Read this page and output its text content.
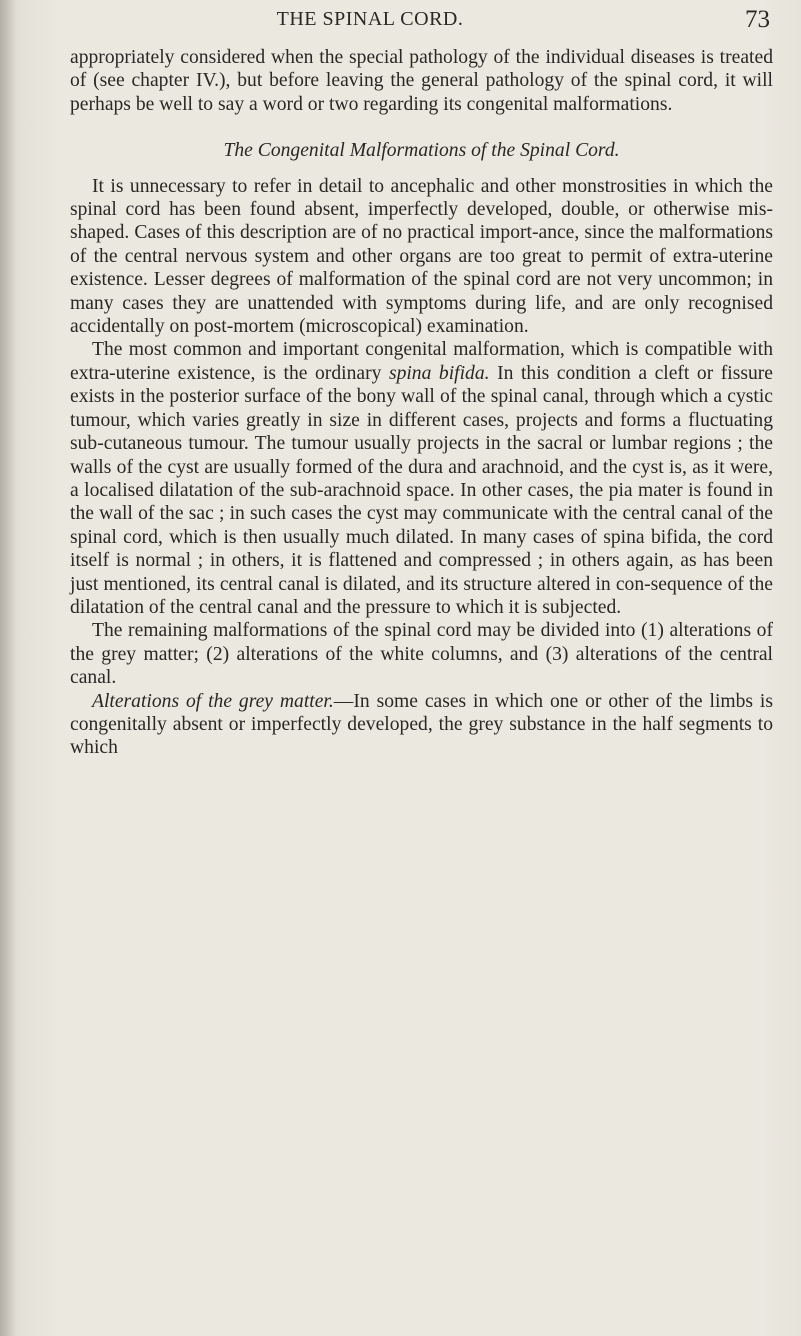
THE SPINAL CORD.	73

appropriately considered when the special pathology of the individual diseases is treated of (see chapter IV.), but before leaving the general pathology of the spinal cord, it will perhaps be well to say a word or two regarding its congenital malformations.

The Congenital Malformations of the Spinal Cord.

It is unnecessary to refer in detail to ancephalic and other monstrosities in which the spinal cord has been found absent, imperfectly developed, double, or otherwise mis-shaped. Cases of this description are of no practical import-ance, since the malformations of the central nervous system and other organs are too great to permit of extra-uterine existence. Lesser degrees of malformation of the spinal cord are not very uncommon; in many cases they are unattended with symptoms during life, and are only recognised accidentally on post-mortem (microscopical) examination.

The most common and important congenital malformation, which is compatible with extra-uterine existence, is the ordinary spina bifida. In this condition a cleft or fissure exists in the posterior surface of the bony wall of the spinal canal, through which a cystic tumour, which varies greatly in size in different cases, projects and forms a fluctuating sub-cutaneous tumour. The tumour usually projects in the sacral or lumbar regions ; the walls of the cyst are usually formed of the dura and arachnoid, and the cyst is, as it were, a localised dilatation of the sub-arachnoid space. In other cases, the pia mater is found in the wall of the sac ; in such cases the cyst may communicate with the central canal of the spinal cord, which is then usually much dilated. In many cases of spina bifida, the cord itself is normal ; in others, it is flattened and compressed ; in others again, as has been just mentioned, its central canal is dilated, and its structure altered in con-sequence of the dilatation of the central canal and the pressure to which it is subjected.

The remaining malformations of the spinal cord may be divided into (1) alterations of the grey matter; (2) alterations of the white columns, and (3) alterations of the central canal.

Alterations of the grey matter.—In some cases in which one or other of the limbs is congenitally absent or imperfectly developed, the grey substance in the half segments to which
